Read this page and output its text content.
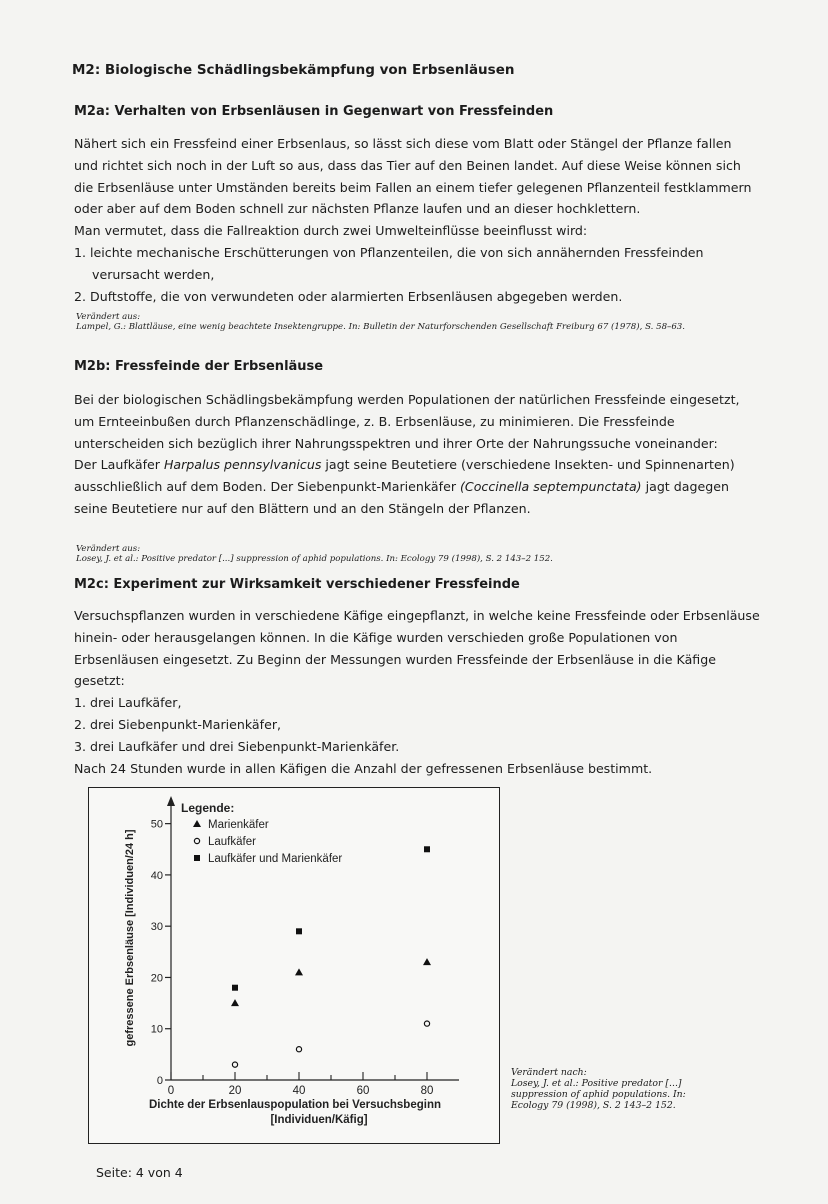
M2: Biologische Schädlingsbekämpfung von Erbsenläusen
M2a: Verhalten von Erbsenläusen in Gegenwart von Fressfeinden

Nähert sich ein Fressfeind einer Erbsenlaus, so lässt sich diese vom Blatt oder Stängel der Pflanze fallen und richtet sich noch in der Luft so aus, dass das Tier auf den Beinen landet. Auf diese Weise können sich die Erbsenläuse unter Umständen bereits beim Fallen an einem tiefer gelegenen Pflanzenteil festklammern oder aber auf dem Boden schnell zur nächsten Pflanze laufen und an dieser hochklettern.

Man vermutet, dass die Fallreaktion durch zwei Umwelteinflüsse beeinflusst wird:

1. leichte mechanische Erschütterungen von Pflanzenteilen, die von sich annähernden Fressfeinden verursacht werden,

2. Duftstoffe, die von verwundeten oder alarmierten Erbsenläusen abgegeben werden.

Verändert aus:
Lampel, G.: Blattläuse, eine wenig beachtete Insektengruppe. In: Bulletin der Naturforschenden Gesellschaft Freiburg 67 (1978), S. 58–63.
M2b: Fressfeinde der Erbsenläuse

Bei der biologischen Schädlingsbekämpfung werden Populationen der natürlichen Fressfeinde eingesetzt, um Ernteeinbußen durch Pflanzenschädlinge, z. B. Erbsenläuse, zu minimieren. Die Fressfeinde unterscheiden sich bezüglich ihrer Nahrungsspektren und ihrer Orte der Nahrungssuche voneinander:

Der Laufkäfer Harpalus pennsylvanicus jagt seine Beutetiere (verschiedene Insekten- und Spinnenarten) ausschließlich auf dem Boden. Der Siebenpunkt-Marienkäfer (Coccinella septempunctata) jagt dagegen seine Beutetiere nur auf den Blättern und an den Stängeln der Pflanzen.

Verändert aus:
Losey, J. et al.: Positive predator [...] suppression of aphid populations. In: Ecology 79 (1998), S. 2 143–2 152.
M2c: Experiment zur Wirksamkeit verschiedener Fressfeinde

Versuchspflanzen wurden in verschiedene Käfige eingepflanzt, in welche keine Fressfeinde oder Erbsenläuse hinein- oder herausgelangen können. In die Käfige wurden verschieden große Populationen von Erbsenläusen eingesetzt. Zu Beginn der Messungen wurden Fressfeinde der Erbsenläuse in die Käfige gesetzt:

1. drei Laufkäfer,

2. drei Siebenpunkt-Marienkäfer,

3. drei Laufkäfer und drei Siebenpunkt-Marienkäfer.

Nach 24 Stunden wurde in allen Käfigen die Anzahl der gefressenen Erbsenläuse bestimmt.

0
10
20
30
40
50
0	20	40	60	80
gefressene Erbsenläuse [Individuen/24 h]
Dichte der Erbsenlauspopulation bei Versuchsbeginn
[Individuen/Käfig]
Legende:
Marienkäfer
Laufkäfer
Laufkäfer und Marienkäfer
Verändert nach:
Losey, J. et al.: Positive predator [...] suppression of aphid populations. In: Ecology 79 (1998), S. 2 143–2 152.
Seite: 4 von 4
